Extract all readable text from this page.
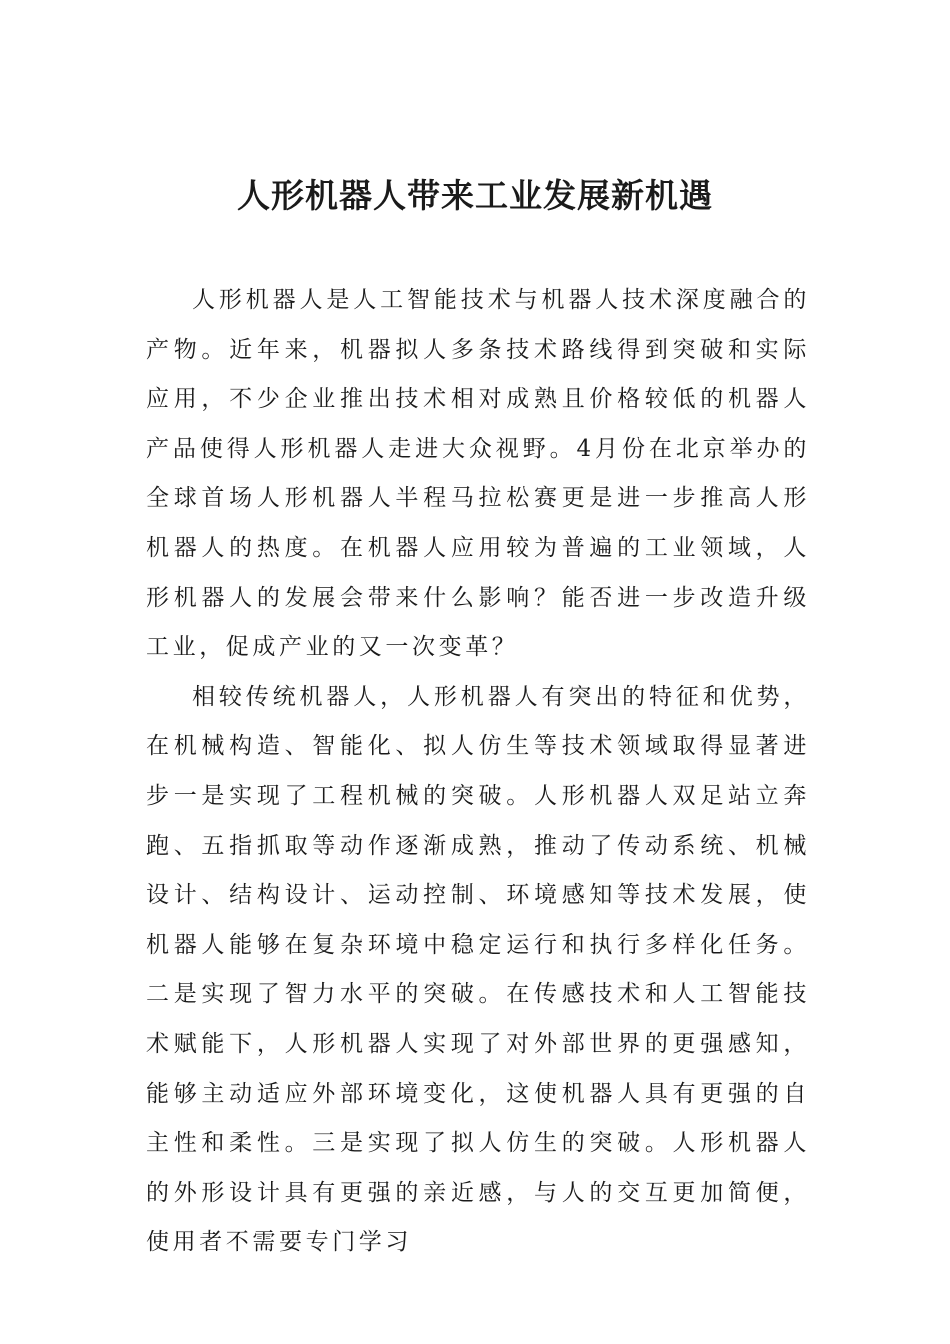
人形机器人带来工业发展新机遇

人形机器人是人工智能技术与机器人技术深度融合的产物。近年来，机器拟人多条技术路线得到突破和实际应用，不少企业推出技术相对成熟且价格较低的机器人产品使得人形机器人走进大众视野。4月份在北京举办的全球首场人形机器人半程马拉松赛更是进一步推高人形机器人的热度。在机器人应用较为普遍的工业领域，人形机器人的发展会带来什么影响？能否进一步改造升级工业，促成产业的又一次变革？

相较传统机器人，人形机器人有突出的特征和优势，在机械构造、智能化、拟人仿生等技术领域取得显著进步一是实现了工程机械的突破。人形机器人双足站立奔跑、五指抓取等动作逐渐成熟，推动了传动系统、机械设计、结构设计、运动控制、环境感知等技术发展，使机器人能够在复杂环境中稳定运行和执行多样化任务。二是实现了智力水平的突破。在传感技术和人工智能技术赋能下，人形机器人实现了对外部世界的更强感知，能够主动适应外部环境变化，这使机器人具有更强的自主性和柔性。三是实现了拟人仿生的突破。人形机器人的外形设计具有更强的亲近感，与人的交互更加简便，使用者不需要专门学习
